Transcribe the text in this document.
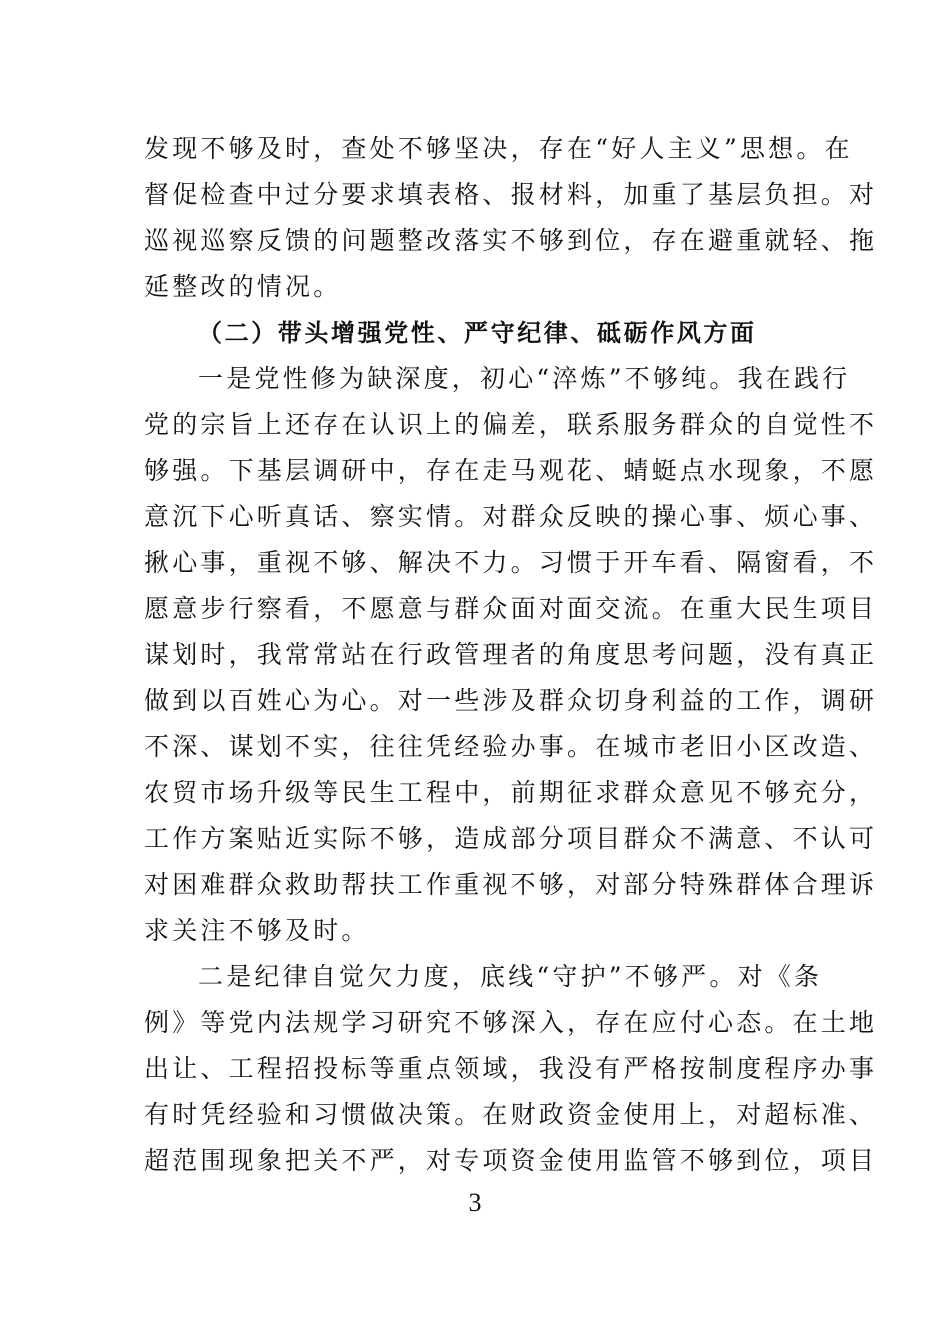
发现不够及时，查处不够坚决，存在“好人主义”思想。在
督促检查中过分要求填表格、报材料，加重了基层负担。对
巡视巡察反馈的问题整改落实不够到位，存在避重就轻、拖
延整改的情况。
（二）带头增强党性、严守纪律、砥砺作风方面
一是党性修为缺深度，初心“淬炼”不够纯。我在践行
党的宗旨上还存在认识上的偏差，联系服务群众的自觉性不
够强。下基层调研中，存在走马观花、蜻蜓点水现象，不愿
意沉下心听真话、察实情。对群众反映的操心事、烦心事、
揪心事，重视不够、解决不力。习惯于开车看、隔窗看，不
愿意步行察看，不愿意与群众面对面交流。在重大民生项目
谋划时，我常常站在行政管理者的角度思考问题，没有真正
做到以百姓心为心。对一些涉及群众切身利益的工作，调研
不深、谋划不实，往往凭经验办事。在城市老旧小区改造、
农贸市场升级等民生工程中，前期征求群众意见不够充分，
工作方案贴近实际不够，造成部分项目群众不满意、不认可
对困难群众救助帮扶工作重视不够，对部分特殊群体合理诉
求关注不够及时。
二是纪律自觉欠力度，底线“守护”不够严。对《条
例》等党内法规学习研究不够深入，存在应付心态。在土地
出让、工程招投标等重点领域，我没有严格按制度程序办事
有时凭经验和习惯做决策。在财政资金使用上，对超标准、
超范围现象把关不严，对专项资金使用监管不够到位，项目
3
